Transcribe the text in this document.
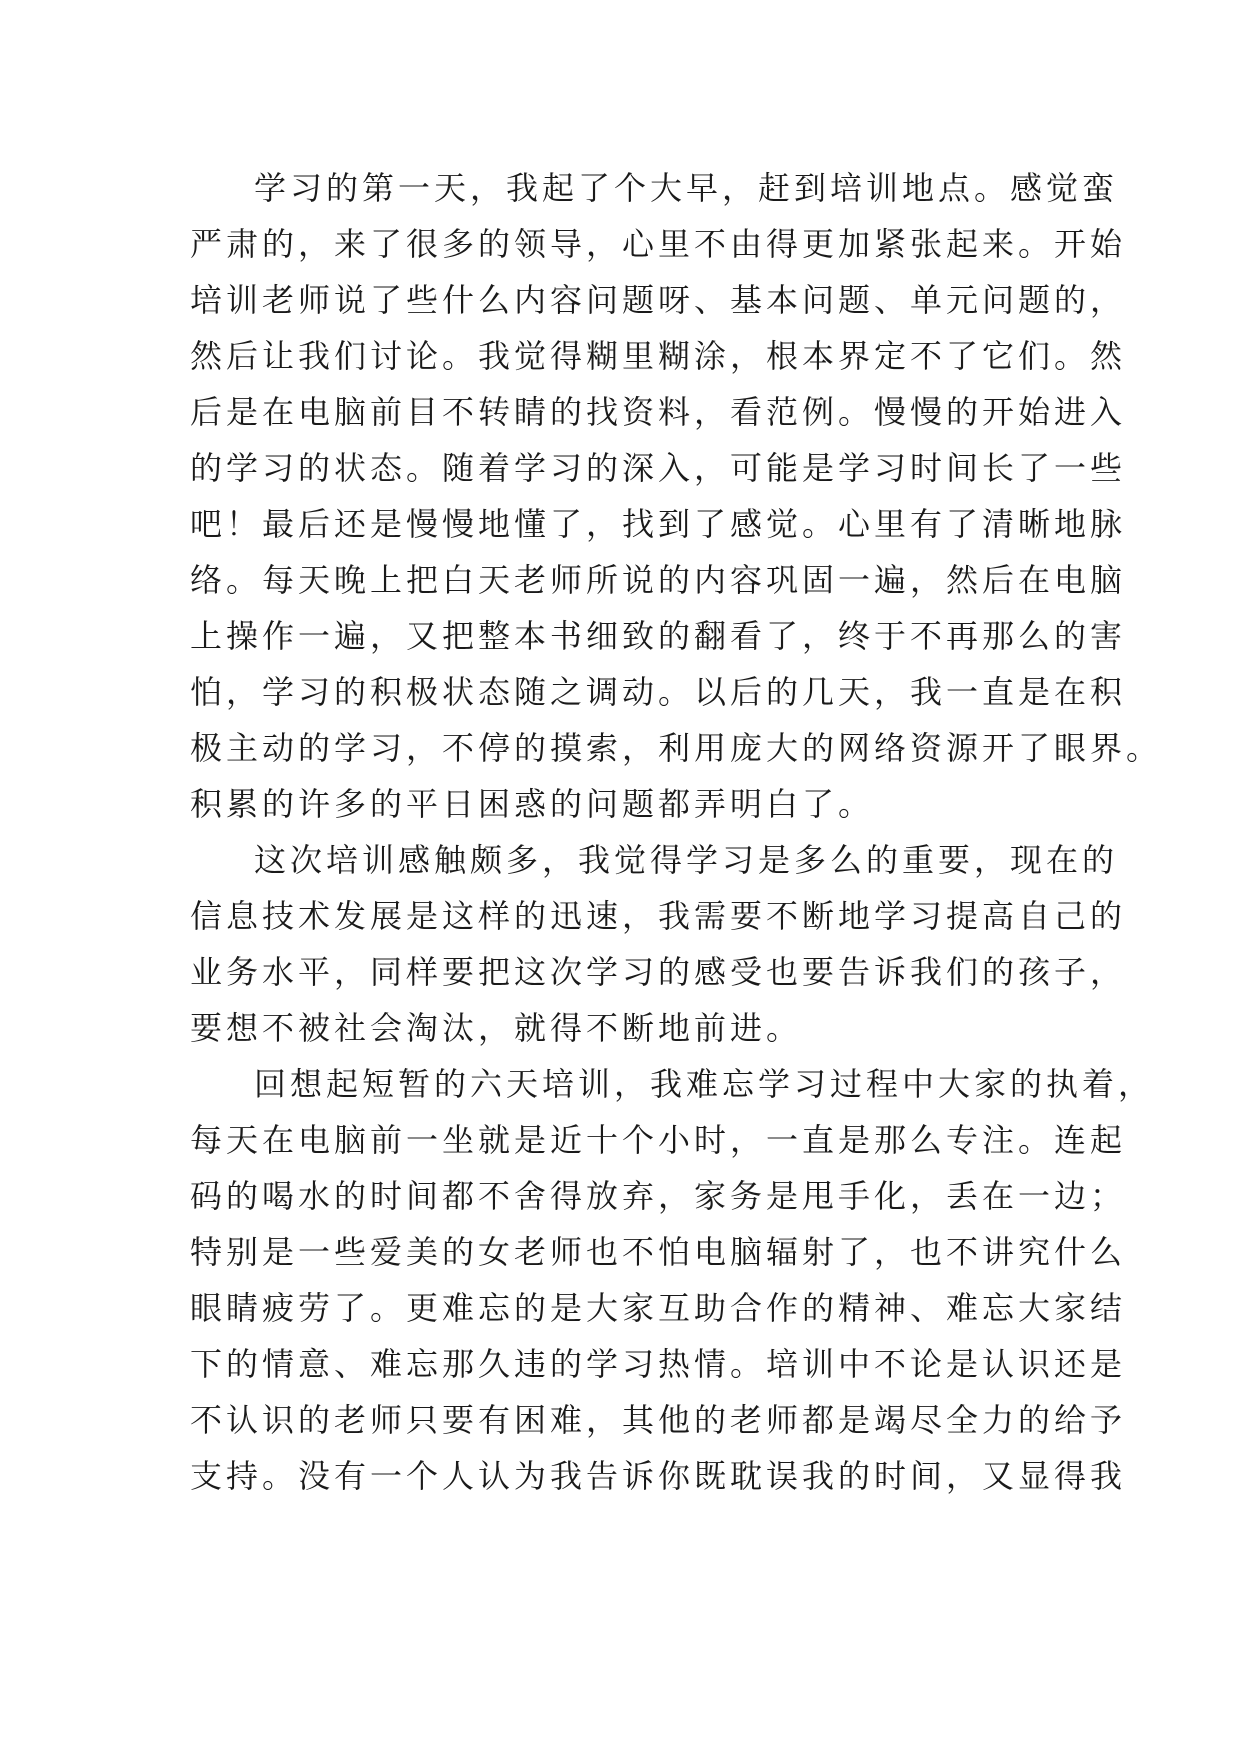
学习的第一天，我起了个大早，赶到培训地点。感觉蛮
严肃的，来了很多的领导，心里不由得更加紧张起来。开始
培训老师说了些什么内容问题呀、基本问题、单元问题的，
然后让我们讨论。我觉得糊里糊涂，根本界定不了它们。然
后是在电脑前目不转睛的找资料，看范例。慢慢的开始进入
的学习的状态。随着学习的深入，可能是学习时间长了一些
吧！最后还是慢慢地懂了，找到了感觉。心里有了清晰地脉
络。每天晚上把白天老师所说的内容巩固一遍，然后在电脑
上操作一遍，又把整本书细致的翻看了，终于不再那么的害
怕，学习的积极状态随之调动。以后的几天，我一直是在积
极主动的学习，不停的摸索，利用庞大的网络资源开了眼界。
积累的许多的平日困惑的问题都弄明白了。
这次培训感触颇多，我觉得学习是多么的重要，现在的
信息技术发展是这样的迅速，我需要不断地学习提高自己的
业务水平，同样要把这次学习的感受也要告诉我们的孩子，
要想不被社会淘汰，就得不断地前进。
回想起短暂的六天培训，我难忘学习过程中大家的执着，
每天在电脑前一坐就是近十个小时，一直是那么专注。连起
码的喝水的时间都不舍得放弃，家务是甩手化，丢在一边；
特别是一些爱美的女老师也不怕电脑辐射了，也不讲究什么
眼睛疲劳了。更难忘的是大家互助合作的精神、难忘大家结
下的情意、难忘那久违的学习热情。培训中不论是认识还是
不认识的老师只要有困难，其他的老师都是竭尽全力的给予
支持。没有一个人认为我告诉你既耽误我的时间，又显得我
